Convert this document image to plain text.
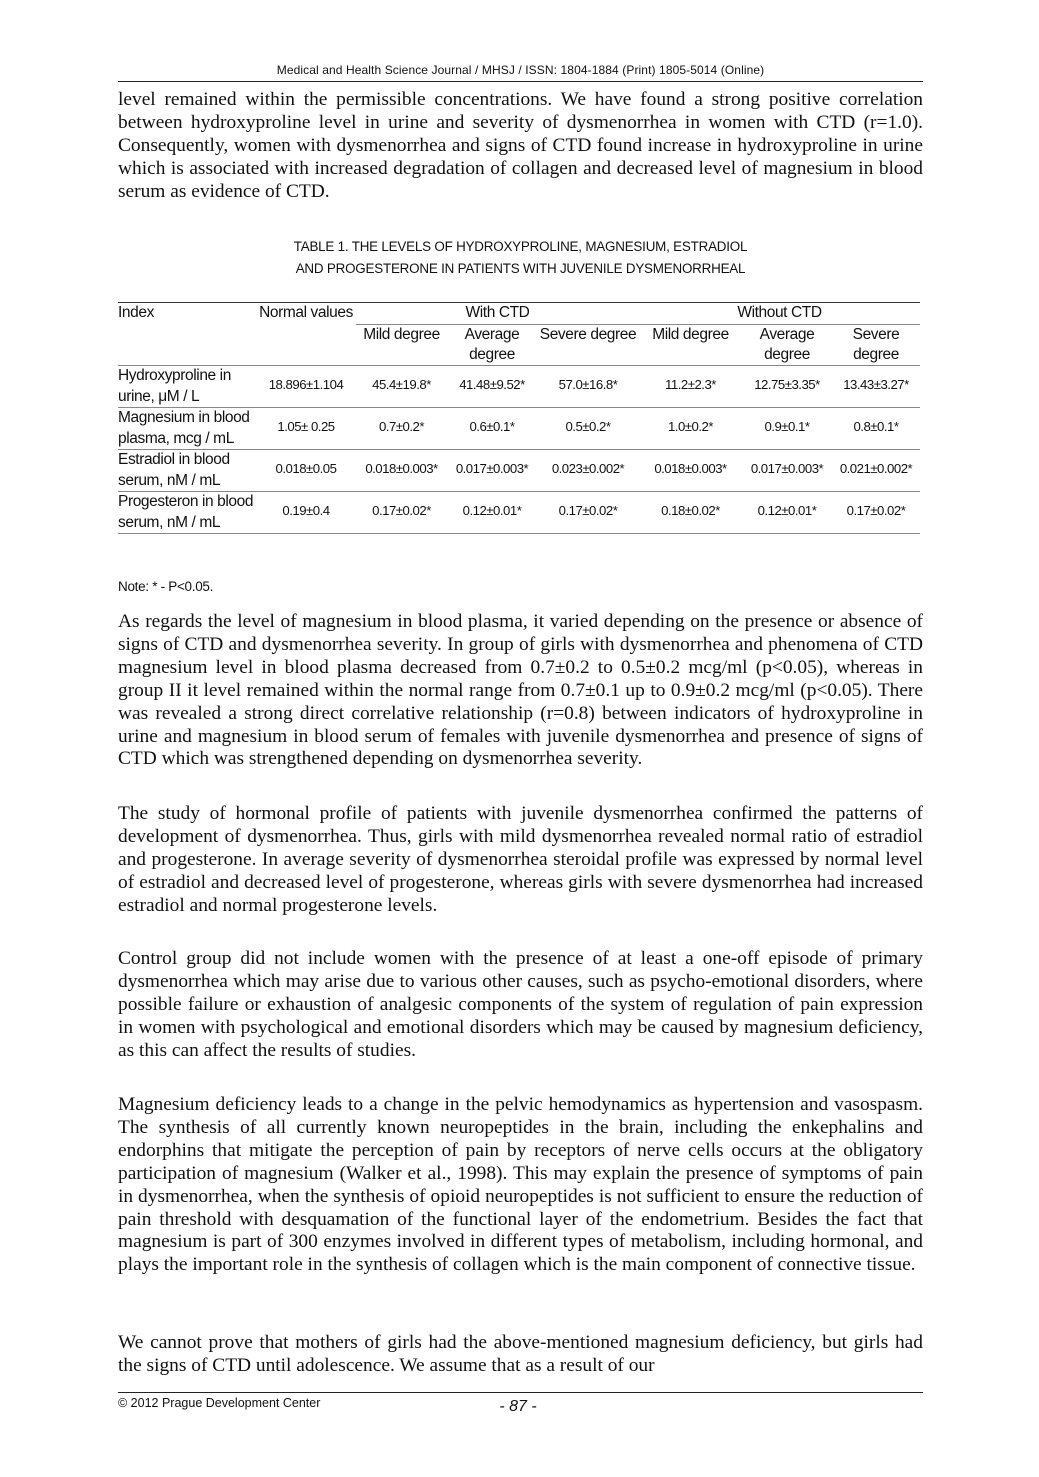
Medical and Health Science Journal / MHSJ / ISSN: 1804-1884 (Print) 1805-5014 (Online)

level remained within the permissible concentrations. We have found a strong positive correlation between hydroxyproline level in urine and severity of dysmenorrhea in women with CTD (r=1.0). Consequently, women with dysmenorrhea and signs of CTD found increase in hydroxyproline in urine which is associated with increased degradation of collagen and decreased level of magnesium in blood serum as evidence of CTD.

TABLE 1. THE LEVELS OF HYDROXYPROLINE, MAGNESIUM, ESTRADIOL
AND PROGESTERONE IN PATIENTS WITH JUVENILE DYSMENORRHEAL
Index	Normal values	With CTD			Without CTD		
		Mild degree	Average degree	Severe degree	Mild degree	Average degree	Severe degree

Hydroxyproline in urine, μM / L	18.896±1.104	45.4±19.8*	41.48±9.52*	57.0±16.8*	11.2±2.3*	12.75±3.35*	13.43±3.27*
Magnesium in blood plasma, mcg / mL	1.05± 0.25	0.7±0.2*	0.6±0.1*	0.5±0.2*	1.0±0.2*	0.9±0.1*	0.8±0.1*
Estradiol in blood serum, nM / mL	0.018±0.05	0.018±0.003*	0.017±0.003*	0.023±0.002*	0.018±0.003*	0.017±0.003*	0.021±0.002*
Progesteron in blood serum, nM / mL	0.19±0.4	0.17±0.02*	0.12±0.01*	0.17±0.02*	0.18±0.02*	0.12±0.01*	0.17±0.02*
Note: * - P<0.05.

As regards the level of magnesium in blood plasma, it varied depending on the presence or absence of signs of CTD and dysmenorrhea severity. In group of girls with dysmenorrhea and phenomena of CTD magnesium level in blood plasma decreased from 0.7±0.2 to 0.5±0.2 mcg/ml (p<0.05), whereas in group II it level remained within the normal range from 0.7±0.1 up to 0.9±0.2 mcg/ml (p<0.05). There was revealed a strong direct correlative relationship (r=0.8) between indicators of hydroxyproline in urine and magnesium in blood serum of females with juvenile dysmenorrhea and presence of signs of CTD which was strengthened depending on dysmenorrhea severity.

The study of hormonal profile of patients with juvenile dysmenorrhea confirmed the patterns of development of dysmenorrhea. Thus, girls with mild dysmenorrhea revealed normal ratio of estradiol and progesterone. In average severity of dysmenorrhea steroidal profile was expressed by normal level of estradiol and decreased level of progesterone, whereas girls with severe dysmenorrhea had increased estradiol and normal progesterone levels.

Control group did not include women with the presence of at least a one-off episode of primary dysmenorrhea which may arise due to various other causes, such as psycho-emotional disorders, where possible failure or exhaustion of analgesic components of the system of regulation of pain expression in women with psychological and emotional disorders which may be caused by magnesium deficiency, as this can affect the results of studies.

Magnesium deficiency leads to a change in the pelvic hemodynamics as hypertension and vasospasm. The synthesis of all currently known neuropeptides in the brain, including the enkephalins and endorphins that mitigate the perception of pain by receptors of nerve cells occurs at the obligatory participation of magnesium (Walker et al., 1998). This may explain the presence of symptoms of pain in dysmenorrhea, when the synthesis of opioid neuropeptides is not sufficient to ensure the reduction of pain threshold with desquamation of the functional layer of the endometrium. Besides the fact that magnesium is part of 300 enzymes involved in different types of metabolism, including hormonal, and plays the important role in the synthesis of collagen which is the main component of connective tissue.

We cannot prove that mothers of girls had the above-mentioned magnesium deficiency, but girls had the signs of CTD until adolescence. We assume that as a result of our

© 2012 Prague Development Center	- 87 -
